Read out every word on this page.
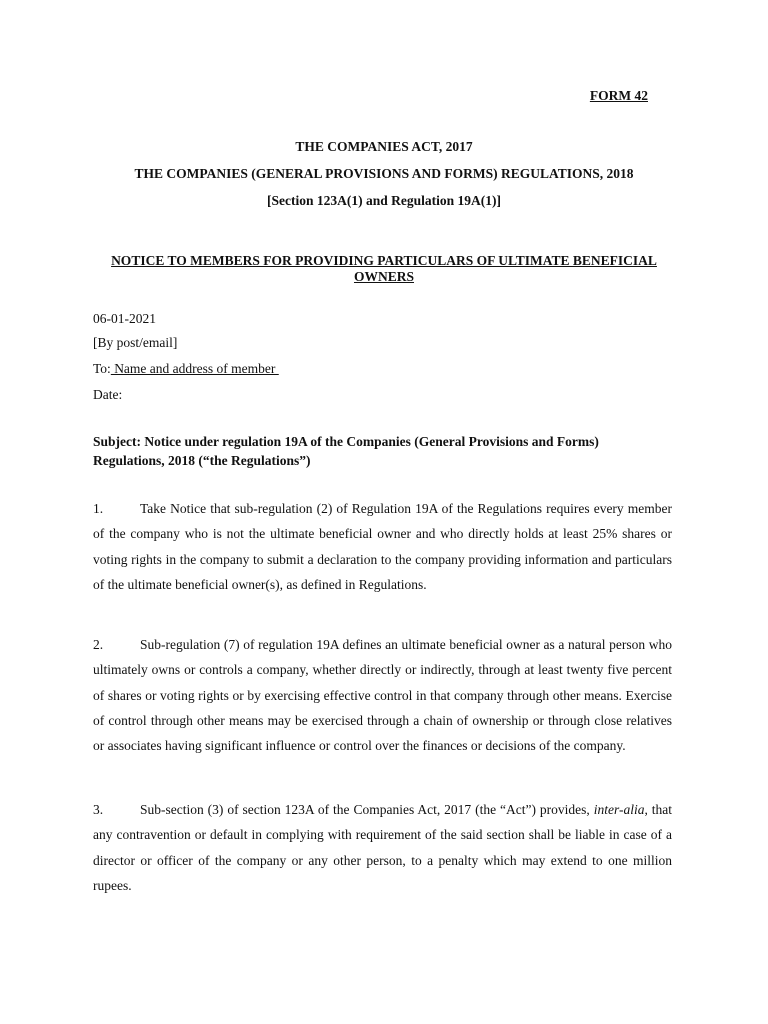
FORM 42

THE COMPANIES ACT, 2017

THE COMPANIES (GENERAL PROVISIONS AND FORMS) REGULATIONS, 2018

[Section 123A(1) and Regulation 19A(1)]

NOTICE TO MEMBERS FOR PROVIDING PARTICULARS OF ULTIMATE BENEFICIAL OWNERS

06-01-2021

[By post/email]

To: Name and address of member

Date:

Subject: Notice under regulation 19A of the Companies (General Provisions and Forms) Regulations, 2018 (“the Regulations”)

1.	Take Notice that sub-regulation (2) of Regulation 19A of the Regulations requires every member of the company who is not the ultimate beneficial owner and who directly holds at least 25% shares or voting rights in the company to submit a declaration to the company providing information and particulars of the ultimate beneficial owner(s), as defined in Regulations.

2.	Sub-regulation (7) of regulation 19A defines an ultimate beneficial owner as a natural person who ultimately owns or controls a company, whether directly or indirectly, through at least twenty five percent of shares or voting rights or by exercising effective control in that company through other means. Exercise of control through other means may be exercised through a chain of ownership or through close relatives or associates having significant influence or control over the finances or decisions of the company.

3.	Sub-section (3) of section 123A of the Companies Act, 2017 (the “Act”) provides, inter-alia, that any contravention or default in complying with requirement of the said section shall be liable in case of a director or officer of the company or any other person, to a penalty which may extend to one million rupees.
